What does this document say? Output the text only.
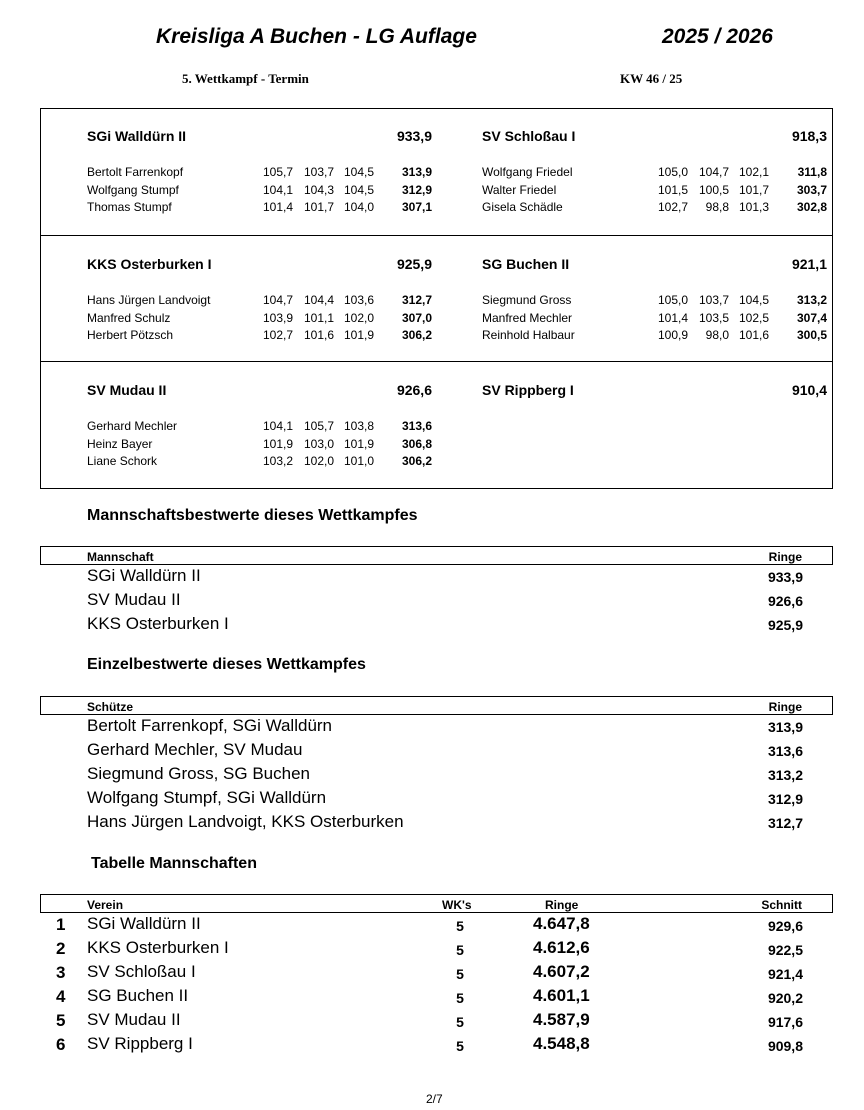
Kreisliga A Buchen - LG Auflage	2025 / 2026
5. Wettkampf - Termin	KW 46 / 25
SGi Walldürn II	933,9
Bertolt Farrenkopf	105,7 103,7 104,5	313,9
Wolfgang Stumpf	104,1 104,3 104,5	312,9
Thomas Stumpf	101,4 101,7 104,0	307,1
SV Schloßau I	918,3
Wolfgang Friedel	105,0 104,7 102,1	311,8
Walter Friedel	101,5 100,5 101,7	303,7
Gisela Schädle	102,7	98,8 101,3	302,8
KKS Osterburken I	925,9
Hans Jürgen Landvoigt	104,7 104,4 103,6	312,7
Manfred Schulz	103,9 101,1 102,0	307,0
Herbert Pötzsch	102,7 101,6 101,9	306,2
SG Buchen II	921,1
Siegmund Gross	105,0 103,7 104,5	313,2
Manfred Mechler	101,4 103,5 102,5	307,4
Reinhold Halbaur	100,9	98,0 101,6	300,5
SV Mudau II	926,6
Gerhard Mechler	104,1 105,7 103,8	313,6
Heinz Bayer	101,9 103,0 101,9	306,8
Liane Schork	103,2 102,0 101,0	306,2
SV Rippberg I	910,4
Mannschaftsbestwerte dieses Wettkampfes
Mannschaft	Ringe
SGi Walldürn II	933,9
SV Mudau II	926,6
KKS Osterburken I	925,9
Einzelbestwerte dieses Wettkampfes
Schütze	Ringe
Bertolt Farrenkopf, SGi Walldürn	313,9
Gerhard Mechler, SV Mudau	313,6
Siegmund Gross, SG Buchen	313,2
Wolfgang Stumpf, SGi Walldürn	312,9
Hans Jürgen Landvoigt, KKS Osterburken	312,7
Tabelle Mannschaften
Verein	WK's	Ringe	Schnitt
1 SGi Walldürn II	5	4.647,8	929,6
2 KKS Osterburken I	5	4.612,6	922,5
3 SV Schloßau I	5	4.607,2	921,4
4 SG Buchen II	5	4.601,1	920,2
5 SV Mudau II	5	4.587,9	917,6
6 SV Rippberg I	5	4.548,8	909,8
2/7
